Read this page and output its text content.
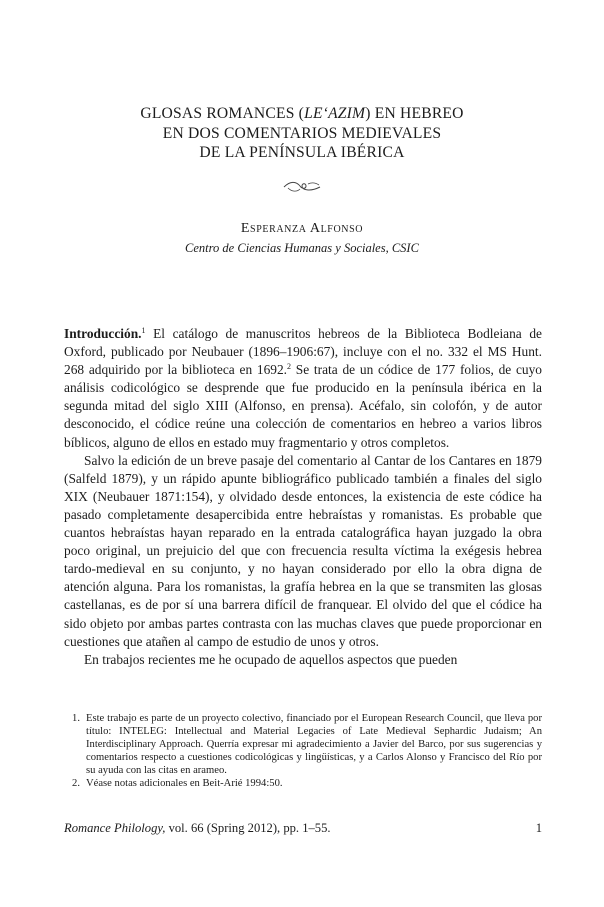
GLOSAS ROMANCES (LE‘AZIM) EN HEBREO
EN DOS COMENTARIOS MEDIEVALES
DE LA PENÍNSULA IBÉRICA
Esperanza Alfonso
Centro de Ciencias Humanas y Sociales, CSIC

Introducción.$^1$ El catálogo de manuscritos hebreos de la Biblioteca Bodleiana de Oxford, publicado por Neubauer (1896–1906:67), incluye con el no. 332 el MS Hunt. 268 adquirido por la biblioteca en 1692.$^2$ Se trata de un códice de 177 folios, de cuyo análisis codicológico se desprende que fue producido en la península ibérica en la segunda mitad del siglo XIII (Alfonso, en prensa). Acéfalo, sin colofón, y de autor desconocido, el códice reúne una colección de comentarios en hebreo a varios libros bíblicos, alguno de ellos en estado muy fragmentario y otros completos.

Salvo la edición de un breve pasaje del comentario al Cantar de los Cantares en 1879 (Salfeld 1879), y un rápido apunte bibliográfico publicado también a finales del siglo XIX (Neubauer 1871:154), y olvidado desde entonces, la existencia de este códice ha pasado completamente desapercibida entre hebraístas y romanistas. Es probable que cuantos hebraístas hayan reparado en la entrada catalográfica hayan juzgado la obra poco original, un prejuicio del que con frecuencia resulta víctima la exégesis hebrea tardo-medieval en su conjunto, y no hayan considerado por ello la obra digna de atención alguna. Para los romanistas, la grafía hebrea en la que se transmiten las glosas castellanas, es de por sí una barrera difícil de franquear. El olvido del que el códice ha sido objeto por ambas partes contrasta con las muchas claves que puede proporcionar en cuestiones que atañen al campo de estudio de unos y otros.

En trabajos recientes me he ocupado de aquellos aspectos que pueden

1. Este trabajo es parte de un proyecto colectivo, financiado por el European Research Council, que lleva por título: INTELEG: Intellectual and Material Legacies of Late Medieval Sephardic Judaism; An Interdisciplinary Approach. Querría expresar mi agradecimiento a Javier del Barco, por sus sugerencias y comentarios respecto a cuestiones codicológicas y lingüísticas, y a Carlos Alonso y Francisco del Río por su ayuda con las citas en arameo.
2. Véase notas adicionales en Beit-Arié 1994:50.
Romance Philology, vol. 66 (Spring 2012), pp. 1–55.	1
